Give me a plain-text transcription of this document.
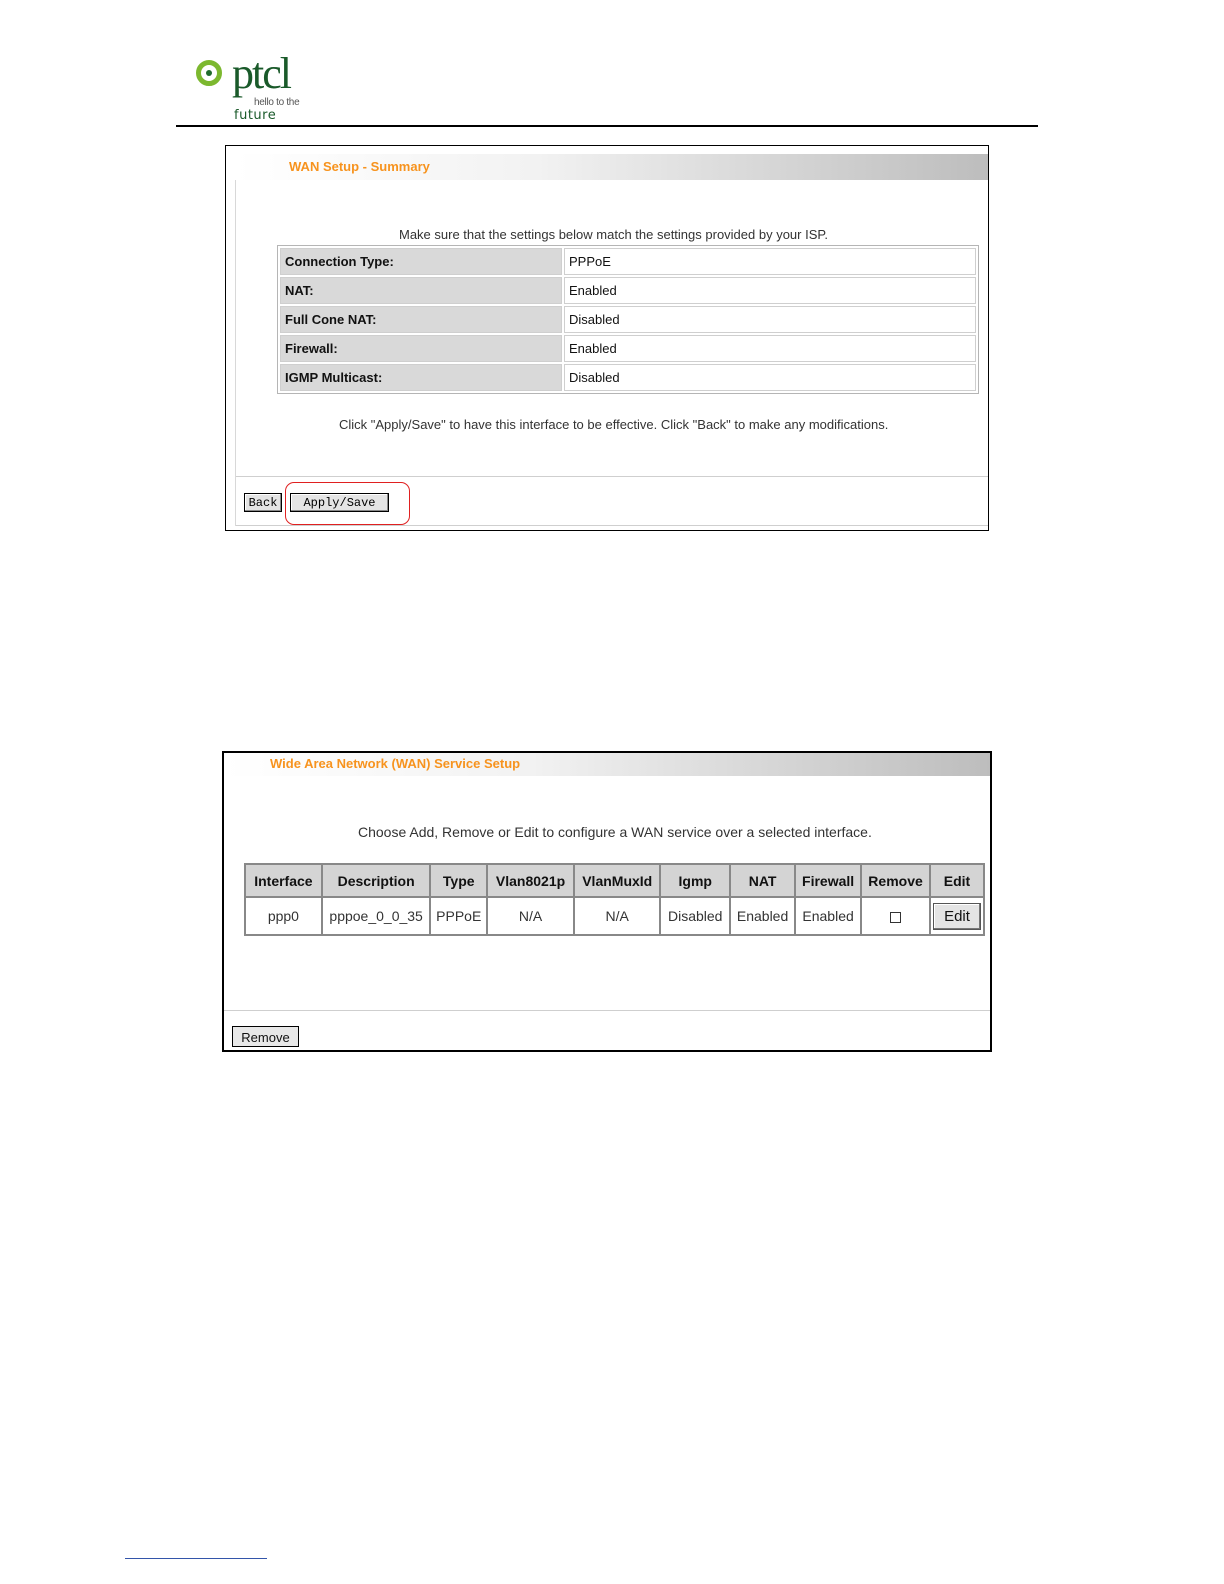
ptcl
hello to the
future
WAN Setup - Summary
Make sure that the settings below match the settings provided by your ISP.
Connection Type:	PPPoE
NAT:	Enabled
Full Cone NAT:	Disabled
Firewall:	Enabled
IGMP Multicast:	Disabled
Click "Apply/Save" to have this interface to be effective. Click "Back" to make any modifications.
Back	Apply/Save
Wide Area Network (WAN) Service Setup
Choose Add, Remove or Edit to configure a WAN service over a selected interface.
Interface	Description	Type	Vlan8021p	VlanMuxId	Igmp	NAT	Firewall	Remove	Edit
ppp0	pppoe_0_0_35	PPPoE	N/A	N/A	Disabled	Enabled	Enabled		Edit
Remove
